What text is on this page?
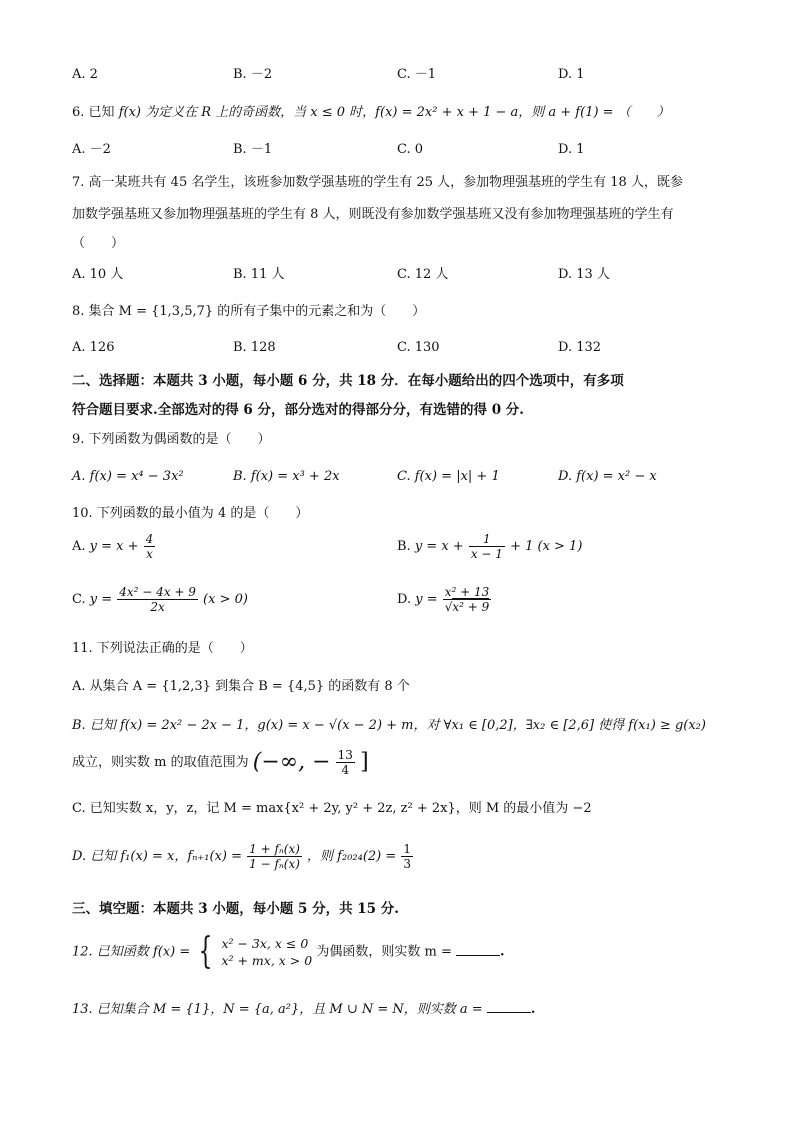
A. 2	B. －2	C. －1	D. 1
6. 已知 f(x) 为定义在 R 上的奇函数，当 x ≤ 0 时，f(x) = 2x² + x + 1 − a，则 a + f(1) = （　　）
A. －2	B. －1	C. 0	D. 1
7. 高一某班共有 45 名学生，该班参加数学强基班的学生有 25 人，参加物理强基班的学生有 18 人，既参
加数学强基班又参加物理强基班的学生有 8 人，则既没有参加数学强基班又没有参加物理强基班的学生有
（　　）
A. 10 人	B. 11 人	C. 12 人	D. 13 人
8. 集合 M = {1,3,5,7} 的所有子集中的元素之和为（　　）
A. 126	B. 128	C. 130	D. 132
二、选择题：本题共 3 小题，每小题 6 分，共 18 分．在每小题给出的四个选项中，有多项
符合题目要求.全部选对的得 6 分，部分选对的得部分分，有选错的得 0 分.
9. 下列函数为偶函数的是（　　）
A. f(x) = x⁴ − 3x²	B. f(x) = x³ + 2x	C. f(x) = |x| + 1	D. f(x) = x² − x
10. 下列函数的最小值为 4 的是（　　）
A. $y = x + \frac{4}{x}$	B. $y = x + \frac{1}{x - 1} + 1$ (x > 1)
C. $y = \frac{\text{4x² − 4x + 9}}{2x} (x > 0)$	D. $y = \frac{\text{x² + 13}}{\text{√x² + 9}}$
11. 下列说法正确的是（　　）
A. 从集合 A = {1,2,3} 到集合 B = {4,5} 的函数有 8 个
B. 已知 f(x) = 2x² − 2x − 1，g(x) = x − √(x − 2) + m，对 ∀x₁ ∈ [0,2]，∃x₂ ∈ [2,6] 使得 f(x₁) ≥ g(x₂)
成立，则实数 m 的取值范围为 (−∞, − $\frac{13}{4}$ ]
C. 已知实数 x，y，z，记 M = max{x² + 2y, y² + 2z, z² + 2x}，则 M 的最小值为 −2
D. 已知 f₁(x) = x，$f_{n+1}(x) = \frac{\text{1 + fₙ(x)}}{\text{1 − fₙ(x)}}$ ，则 $f_{2024}(2) = \frac{1}{3}$
三、填空题：本题共 3 小题，每小题 5 分，共 15 分.
12. 已知函数 f(x) = { x² − 3x, x ≤ 0
x² + mx, x > 0
为偶函数，则实数 m =	.
13. 已知集合 M = {1}，N = {a, a²}，且 M ∪ N = N，则实数 a =	.
